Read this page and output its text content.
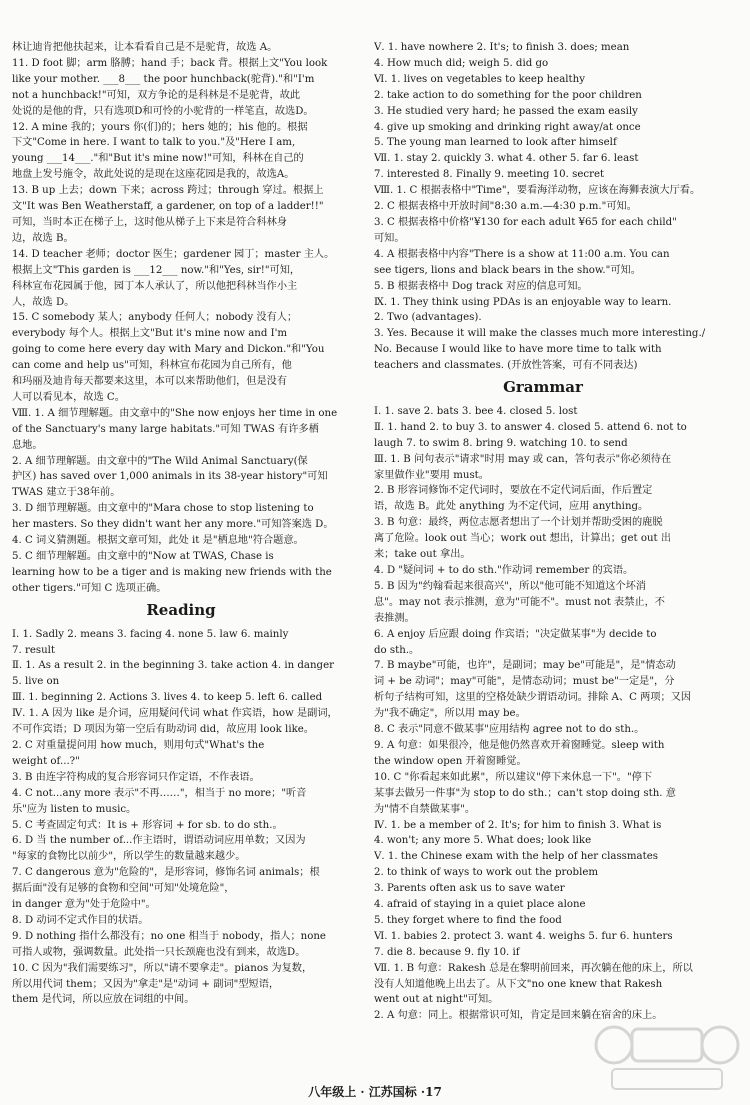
林让迪肯把他扶起来，让本看看自己是不是驼背，故选 A。
11. D foot 脚；arm 胳膊；hand 手；back 背。根据上文"You look
like your mother. ___8___ the poor hunchback(驼背)."和"I'm
not a hunchback!"可知，双方争论的是科林是不是驼背，故此
处说的是他的背，只有选项D和可怜的小驼背的一样笔直，故选D。
12. A mine 我的；yours 你(们)的；hers 她的；his 他的。根据
下文"Come in here. I want to talk to you."及"Here I am,
young ___14___."和"But it's mine now!"可知，科林在自己的
地盘上发号施令，故此处说的是现在这座花园是我的，故选A。
13. B up 上去；down 下来；across 跨过；through 穿过。根据上
文"It was Ben Weatherstaff, a gardener, on top of a ladder!!"
可知，当时本正在梯子上，这时他从梯子上下来是符合科林身
边，故选 B。
14. D teacher 老师；doctor 医生；gardener 园丁；master 主人。
根据上文"This garden is ___12___ now."和"Yes, sir!"可知，
科林宣布花园属于他，园丁本人承认了，所以他把科林当作小主
人，故选 D。
15. C somebody 某人；anybody 任何人；nobody 没有人；
everybody 每个人。根据上文"But it's mine now and I'm
going to come here every day with Mary and Dickon."和"You
can come and help us"可知，科林宣布花园为自己所有，他
和玛丽及迪肯每天都要来这里，本可以来帮助他们，但是没有
人可以看见本，故选 C。
Ⅷ. 1. A 细节理解题。由文章中的"She now enjoys her time in one
of the Sanctuary's many large habitats."可知 TWAS 有许多栖
息地。
2. A 细节理解题。由文章中的"The Wild Animal Sanctuary(保
护区) has saved over 1,000 animals in its 38-year history"可知
TWAS 建立于38年前。
3. D 细节理解题。由文章中的"Mara chose to stop listening to
her masters. So they didn't want her any more."可知答案选 D。
4. C 词义猜测题。根据文章可知，此处 it 是"栖息地"符合题意。
5. C 细节理解题。由文章中的"Now at TWAS, Chase is
learning how to be a tiger and is making new friends with the
other tigers."可知 C 选项正确。
Reading
Ⅰ. 1. Sadly 2. means 3. facing 4. none 5. law 6. mainly
7. result
Ⅱ. 1. As a result 2. in the beginning 3. take action 4. in danger
5. live on
Ⅲ. 1. beginning 2. Actions 3. lives 4. to keep 5. left 6. called
Ⅳ. 1. A 因为 like 是介词，应用疑问代词 what 作宾语，how 是副词，
不可作宾语；D 项因为第一空后有助动词 did，故应用 look like。
2. C 对重量提问用 how much，则用句式"What's the
weight of...?"
3. B 由连字符构成的复合形容词只作定语，不作表语。
4. C not...any more 表示"不再……"，相当于 no more；"听音
乐"应为 listen to music。
5. C 考查固定句式：It is + 形容词 + for sb. to do sth.。
6. D 当 the number of...作主语时，谓语动词应用单数；又因为
"每家的食物比以前少"，所以学生的数量越来越少。
7. C dangerous 意为"危险的"，是形容词，修饰名词 animals；根
据后面"没有足够的食物和空间"可知"处境危险"，
in danger 意为"处于危险中"。
8. D 动词不定式作目的状语。
9. D nothing 指什么都没有；no one 相当于 nobody，指人；none
可指人或物，强调数量。此处指一只长颈鹿也没有到来，故选D。
10. C 因为"我们需要练习"，所以"请不要拿走"。pianos 为复数，
所以用代词 them；又因为"拿走"是"动词 + 副词"型短语，
them 是代词，所以应放在词组的中间。
Ⅴ. 1. have nowhere 2. It's; to finish 3. does; mean
4. How much did; weigh 5. did go
Ⅵ. 1. lives on vegetables to keep healthy
2. take action to do something for the poor children
3. He studied very hard; he passed the exam easily
4. give up smoking and drinking right away/at once
5. The young man learned to look after himself
Ⅶ. 1. stay 2. quickly 3. what 4. other 5. far 6. least
7. interested 8. Finally 9. meeting 10. secret
Ⅷ. 1. C 根据表格中"Time"，要看海洋动物，应该在海狮表演大厅看。
2. C 根据表格中开放时间"8:30 a.m.—4:30 p.m."可知。
3. C 根据表格中价格"¥130 for each adult ¥65 for each child"
可知。
4. A 根据表格中内容"There is a show at 11:00 a.m. You can
see tigers, lions and black bears in the show."可知。
5. B 根据表格中 Dog track 对应的信息可知。
Ⅸ. 1. They think using PDAs is an enjoyable way to learn.
2. Two (advantages).
3. Yes. Because it will make the classes much more interesting./
No. Because I would like to have more time to talk with
teachers and classmates. (开放性答案，可有不同表达)
Grammar
Ⅰ. 1. save 2. bats 3. bee 4. closed 5. lost
Ⅱ. 1. hand 2. to buy 3. to answer 4. closed 5. attend 6. not to
laugh 7. to swim 8. bring 9. watching 10. to send
Ⅲ. 1. B 问句表示"请求"时用 may 或 can，答句表示"你必须待在
家里做作业"要用 must。
2. B 形容词修饰不定代词时，要放在不定代词后面，作后置定
语，故选 B。此处 anything 为不定代词，应用 anything。
3. B 句意：最终，两位志愿者想出了一个计划并帮助受困的鹿脱
离了危险。look out 当心；work out 想出，计算出；get out 出
来；take out 拿出。
4. D "疑问词 + to do sth."作动词 remember 的宾语。
5. B 因为"约翰看起来很高兴"，所以"他可能不知道这个坏消
息"。may not 表示推测，意为"可能不"。must not 表禁止，不
表推测。
6. A enjoy 后应跟 doing 作宾语；"决定做某事"为 decide to
do sth.。
7. B maybe"可能，也许"，是副词；may be"可能是"，是"情态动
词 + be 动词"；may"可能"，是情态动词；must be"一定是"，分
析句子结构可知，这里的空格处缺少谓语动词。排除 A、C 两项；又因
为"我不确定"，所以用 may be。
8. C 表示"同意不做某事"应用结构 agree not to do sth.。
9. A 句意：如果很冷，他是他仍然喜欢开着窗睡觉。sleep with
the window open 开着窗睡觉。
10. C "你看起来如此累"，所以建议"停下来休息一下"。"停下
某事去做另一件事"为 stop to do sth.；can't stop doing sth. 意
为"情不自禁做某事"。
Ⅳ. 1. be a member of 2. It's; for him to finish 3. What is
4. won't; any more 5. What does; look like
Ⅴ. 1. the Chinese exam with the help of her classmates
2. to think of ways to work out the problem
3. Parents often ask us to save water
4. afraid of staying in a quiet place alone
5. they forget where to find the food
Ⅵ. 1. babies 2. protect 3. want 4. weighs 5. fur 6. hunters
7. die 8. because 9. fly 10. if
Ⅶ. 1. B 句意：Rakesh 总是在黎明前回来，再次躺在他的床上，所以
没有人知道他晚上出去了。从下文"no one knew that Rakesh
went out at night"可知。
2. A 句意：同上。根据常识可知，肯定是回来躺在宿舍的床上。
八年级上 · 江苏国标 ·17
